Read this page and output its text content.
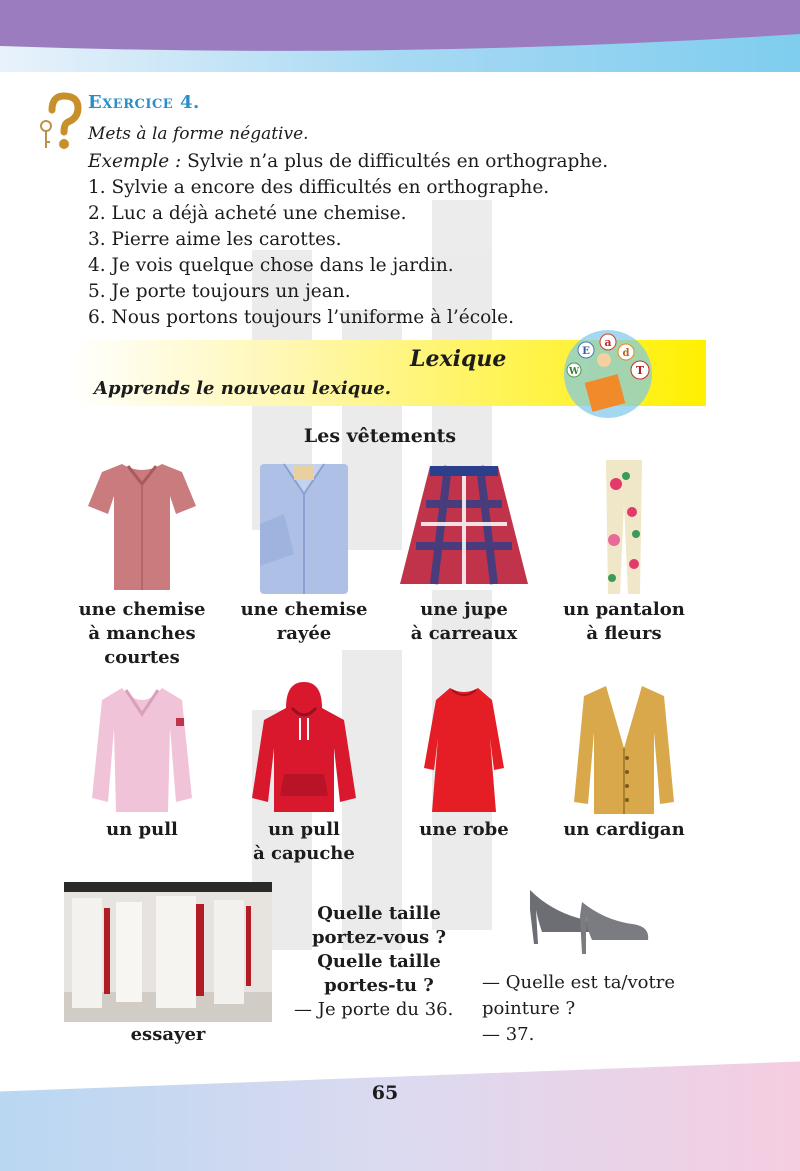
Exercice 4.
Mets à la forme négative.
Exemple : Sylvie n’a plus de difficultés en orthographe.
1. Sylvie a encore des difficultés en orthographe.
2. Luc a déjà acheté une chemise.
3. Pierre aime les carottes.
4. Je vois quelque chose dans le jardin.
5. Je porte toujours un jean.
6. Nous portons toujours l’uniforme à l’école.
Lexique
Apprends le nouveau lexique.
a
d
T
W
E
Les vêtements
une chemise
à manches
courtes
une chemise
rayée
une jupe
à carreaux
un pantalon
à fleurs
un pull	un pull
à capuche
une robe	un cardigan
essayer
Quelle taille
portez-vous ?
Quelle taille
portes-tu ?
— Je porte du 36.
— Quelle est ta/votre
pointure ?
— 37.
65
